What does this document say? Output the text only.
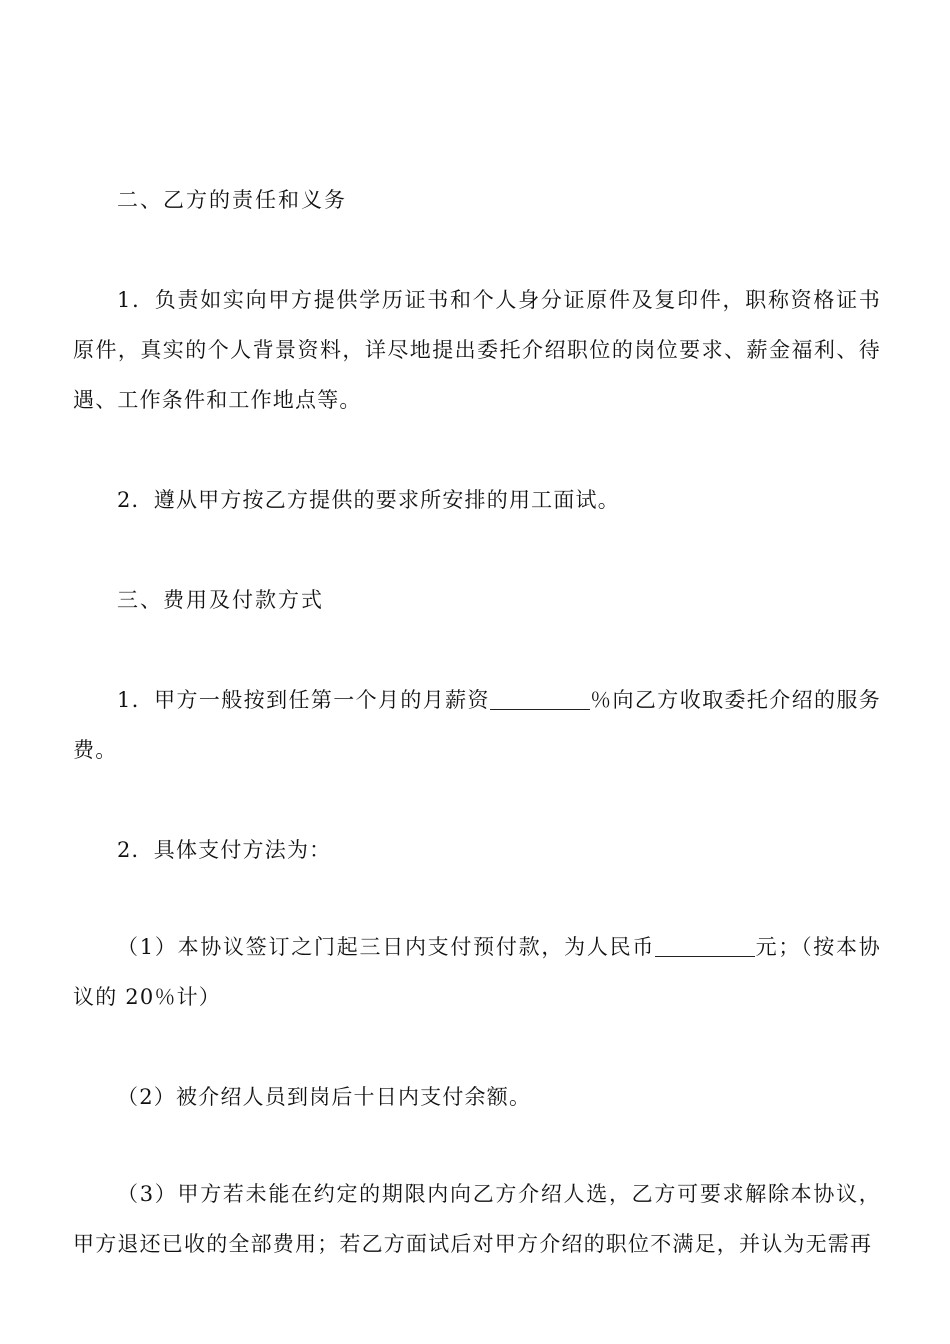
二、乙方的责任和义务

1．负责如实向甲方提供学历证书和个人身分证原件及复印件，职称资格证书原件，真实的个人背景资料，详尽地提出委托介绍职位的岗位要求、薪金福利、待遇、工作条件和工作地点等。

2．遵从甲方按乙方提供的要求所安排的用工面试。

三、费用及付款方式

1．甲方一般按到任第一个月的月薪资	％向乙方收取委托介绍的服务费。

2．具体支付方法为：

（1）本协议签订之门起三日内支付预付款，为人民币	元；（按本协议的 20％计）

（2）被介绍人员到岗后十日内支付余额。

（3）甲方若未能在约定的期限内向乙方介绍人选，乙方可要求解除本协议，甲方退还已收的全部费用；若乙方面试后对甲方介绍的职位不满足，并认为无需再
